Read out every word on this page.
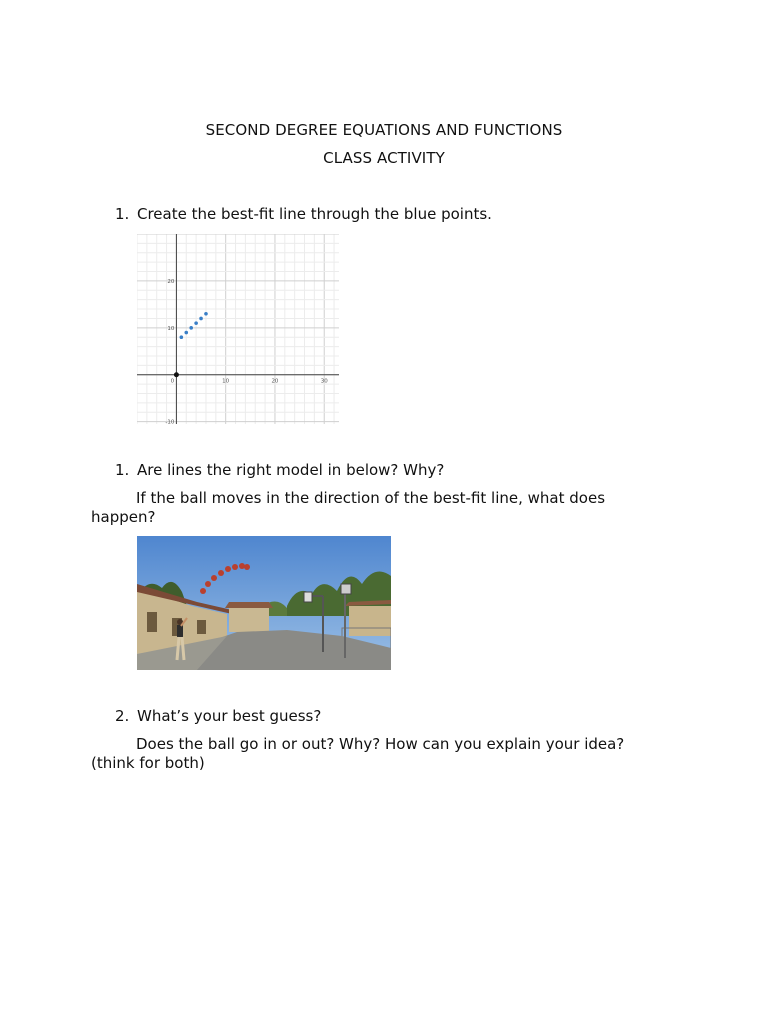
SECOND DEGREE EQUATIONS AND FUNCTIONS
CLASS ACTIVITY
1. Create the best-fit line through the blue points.
0	10	20	30
20
10
-10
1. Are lines the right model in below? Why?
If the ball moves in the direction of the best-fit line, what does happen?
2. What’s your best guess?
Does the ball go in or out? Why? How can you explain your idea? (think for both)
